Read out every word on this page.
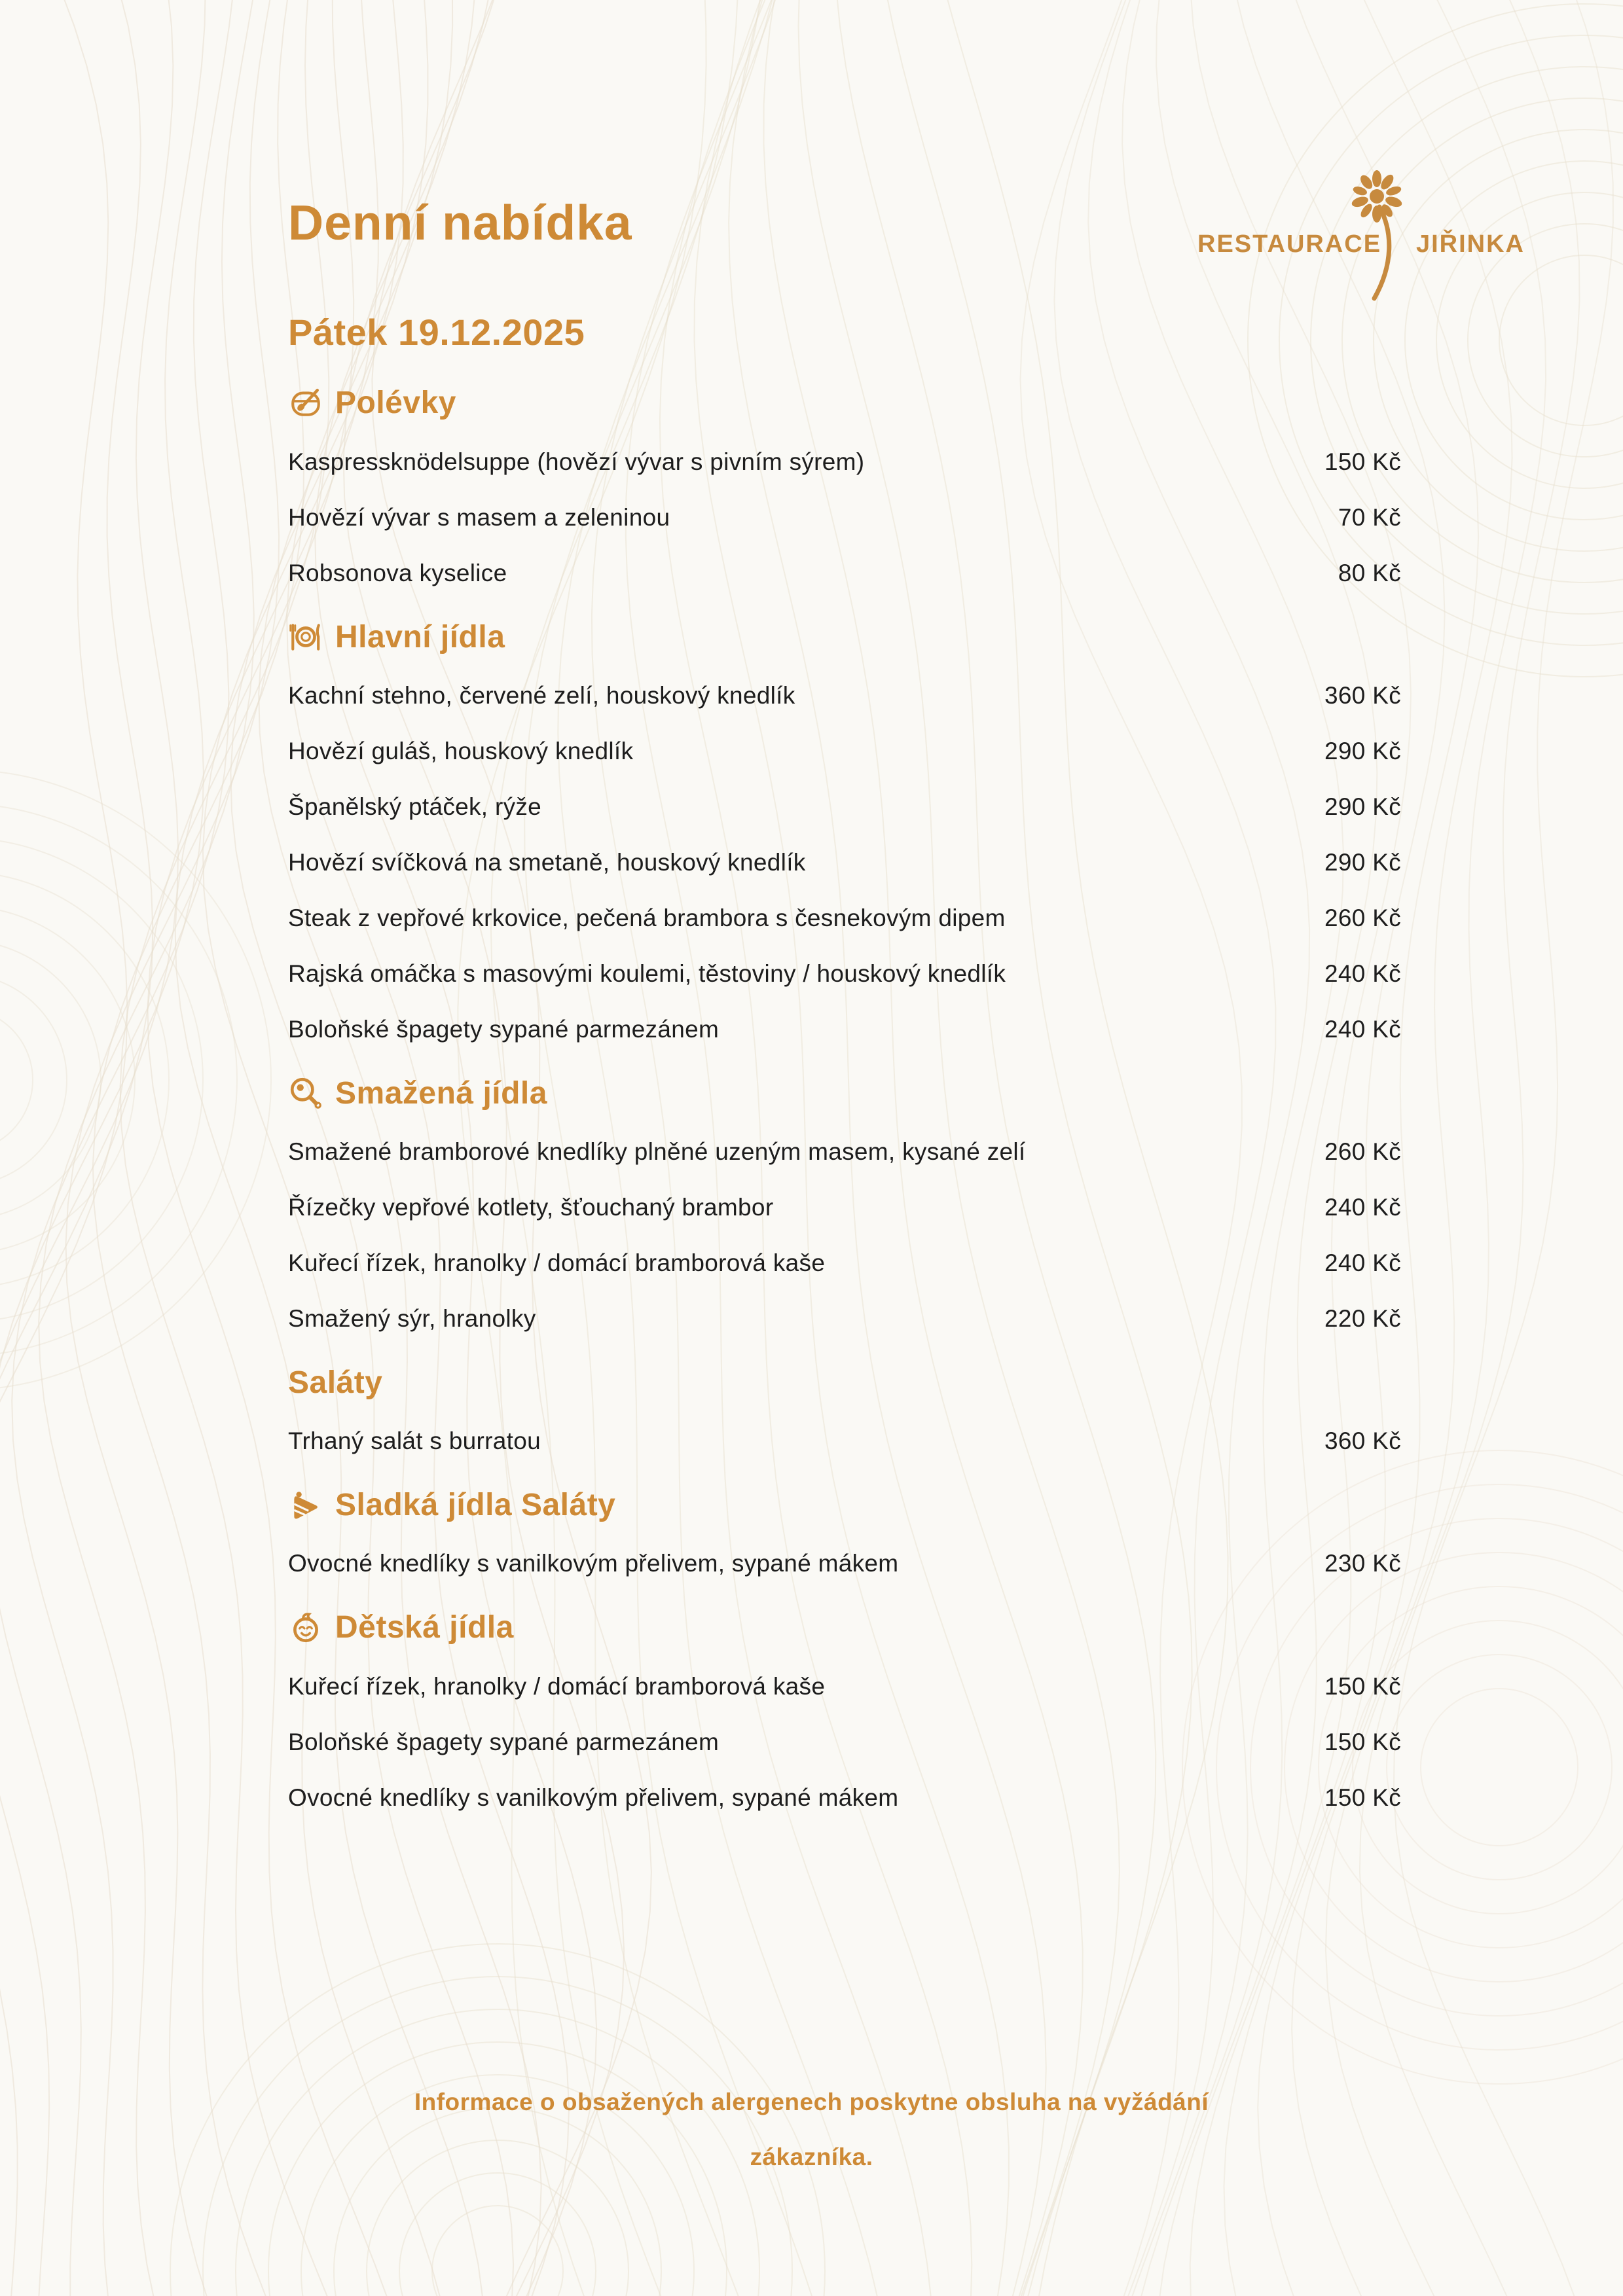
RESTAURACE JIŘINKA
Denní nabídka
Pátek 19.12.2025
Polévky
Kaspressknödelsuppe (hovězí vývar s pivním sýrem)	150 Kč
Hovězí vývar s masem a zeleninou	70 Kč
Robsonova kyselice	80 Kč
Hlavní jídla
Kachní stehno, červené zelí, houskový knedlík	360 Kč
Hovězí guláš, houskový knedlík	290 Kč
Španělský ptáček, rýže	290 Kč
Hovězí svíčková na smetaně, houskový knedlík	290 Kč
Steak z vepřové krkovice, pečená brambora s česnekovým dipem	260 Kč
Rajská omáčka s masovými koulemi, těstoviny / houskový knedlík	240 Kč
Boloňské špagety sypané parmezánem	240 Kč
Smažená jídla
Smažené bramborové knedlíky plněné uzeným masem, kysané zelí	260 Kč
Řízečky vepřové kotlety, šťouchaný brambor	240 Kč
Kuřecí řízek, hranolky / domácí bramborová kaše	240 Kč
Smažený sýr, hranolky	220 Kč
Saláty
Trhaný salát s burratou	360 Kč
Sladká jídla Saláty
Ovocné knedlíky s vanilkovým přelivem, sypané mákem	230 Kč
Dětská jídla
Kuřecí řízek, hranolky / domácí bramborová kaše	150 Kč
Boloňské špagety sypané parmezánem	150 Kč
Ovocné knedlíky s vanilkovým přelivem, sypané mákem	150 Kč
Informace o obsažených alergenech poskytne obsluha na vyžádání
zákazníka.
